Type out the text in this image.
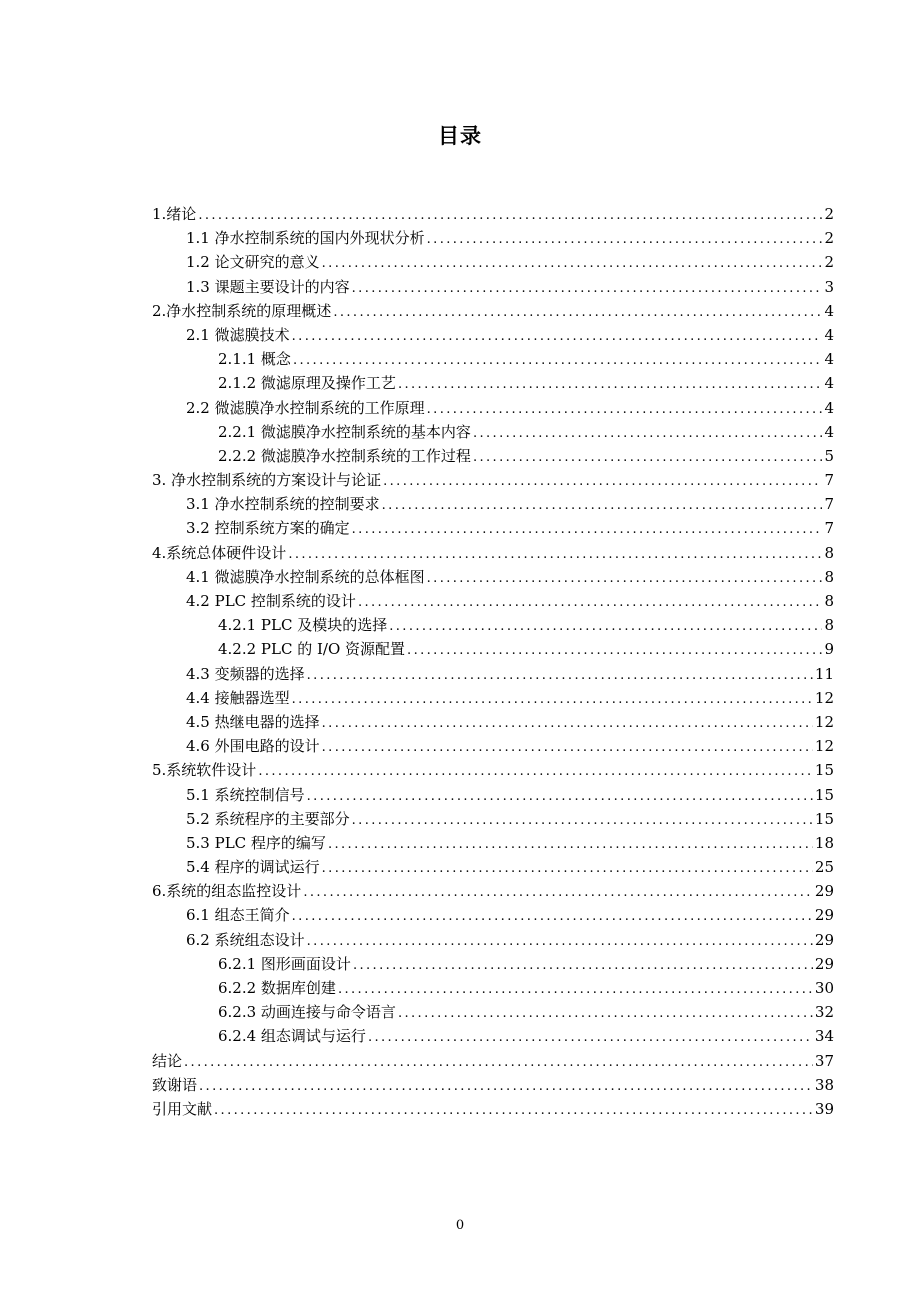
目录
1.绪论 .....	2
1.1 净水控制系统的国内外现状分析 .....	2
1.2 论文研究的意义 .....	2
1.3 课题主要设计的内容 .....	3
2.净水控制系统的原理概述 .....	4
2.1 微滤膜技术 .....	4
2.1.1 概念 .....	4
2.1.2 微滤原理及操作工艺 .....	4
2.2 微滤膜净水控制系统的工作原理 .....	4
2.2.1 微滤膜净水控制系统的基本内容 .....	4
2.2.2 微滤膜净水控制系统的工作过程 .....	5
3. 净水控制系统的方案设计与论证 .....	7
3.1 净水控制系统的控制要求 .....	7
3.2 控制系统方案的确定 .....	7
4.系统总体硬件设计 .....	8
4.1 微滤膜净水控制系统的总体框图 .....	8
4.2 PLC 控制系统的设计 .....	8
4.2.1 PLC 及模块的选择 .....	8
4.2.2 PLC 的 I/O 资源配置 .....	9
4.3 变频器的选择 .....	11
4.4 接触器选型 .....	12
4.5 热继电器的选择 .....	12
4.6 外围电路的设计 .....	12
5.系统软件设计 .....	15
5.1 系统控制信号 .....	15
5.2 系统程序的主要部分 .....	15
5.3 PLC 程序的编写 .....	18
5.4 程序的调试运行 .....	25
6.系统的组态监控设计 .....	29
6.1 组态王简介 .....	29
6.2 系统组态设计 .....	29
6.2.1 图形画面设计 .....	29
6.2.2 数据库创建 .....	30
6.2.3 动画连接与命令语言 .....	32
6.2.4 组态调试与运行 .....	34
结论 .....	37
致谢语 .....	38
引用文献 .....	39
0
